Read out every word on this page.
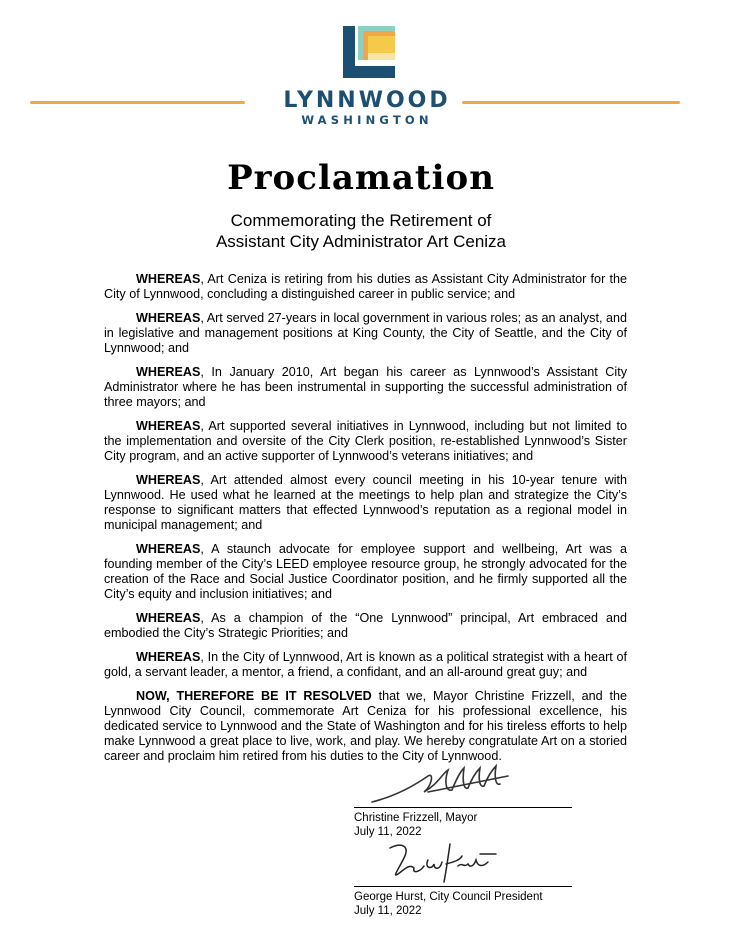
LYNNWOOD
WASHINGTON
Proclamation
Commemorating the Retirement of
Assistant City Administrator Art Ceniza

WHEREAS, Art Ceniza is retiring from his duties as Assistant City Administrator for the City of Lynnwood, concluding a distinguished career in public service; and

WHEREAS, Art served 27-years in local government in various roles; as an analyst, and in legislative and management positions at King County, the City of Seattle, and the City of Lynnwood; and

WHEREAS, In January 2010, Art began his career as Lynnwood’s Assistant City Administrator where he has been instrumental in supporting the successful administration of three mayors; and

WHEREAS, Art supported several initiatives in Lynnwood, including but not limited to the implementation and oversite of the City Clerk position, re-established Lynnwood’s Sister City program, and an active supporter of Lynnwood’s veterans initiatives; and

WHEREAS, Art attended almost every council meeting in his 10-year tenure with Lynnwood. He used what he learned at the meetings to help plan and strategize the City’s response to significant matters that effected Lynnwood’s reputation as a regional model in municipal management; and

WHEREAS, A staunch advocate for employee support and wellbeing, Art was a founding member of the City’s LEED employee resource group, he strongly advocated for the creation of the Race and Social Justice Coordinator position, and he firmly supported all the City’s equity and inclusion initiatives; and

WHEREAS, As a champion of the “One Lynnwood” principal, Art embraced and embodied the City’s Strategic Priorities; and

WHEREAS, In the City of Lynnwood, Art is known as a political strategist with a heart of gold, a servant leader, a mentor, a friend, a confidant, and an all-around great guy; and

NOW, THEREFORE BE IT RESOLVED that we, Mayor Christine Frizzell, and the Lynnwood City Council, commemorate Art Ceniza for his professional excellence, his dedicated service to Lynnwood and the State of Washington and for his tireless efforts to help make Lynnwood a great place to live, work, and play. We hereby congratulate Art on a storied career and proclaim him retired from his duties to the City of Lynnwood.

Christine Frizzell, Mayor
July 11, 2022
George Hurst, City Council President
July 11, 2022
